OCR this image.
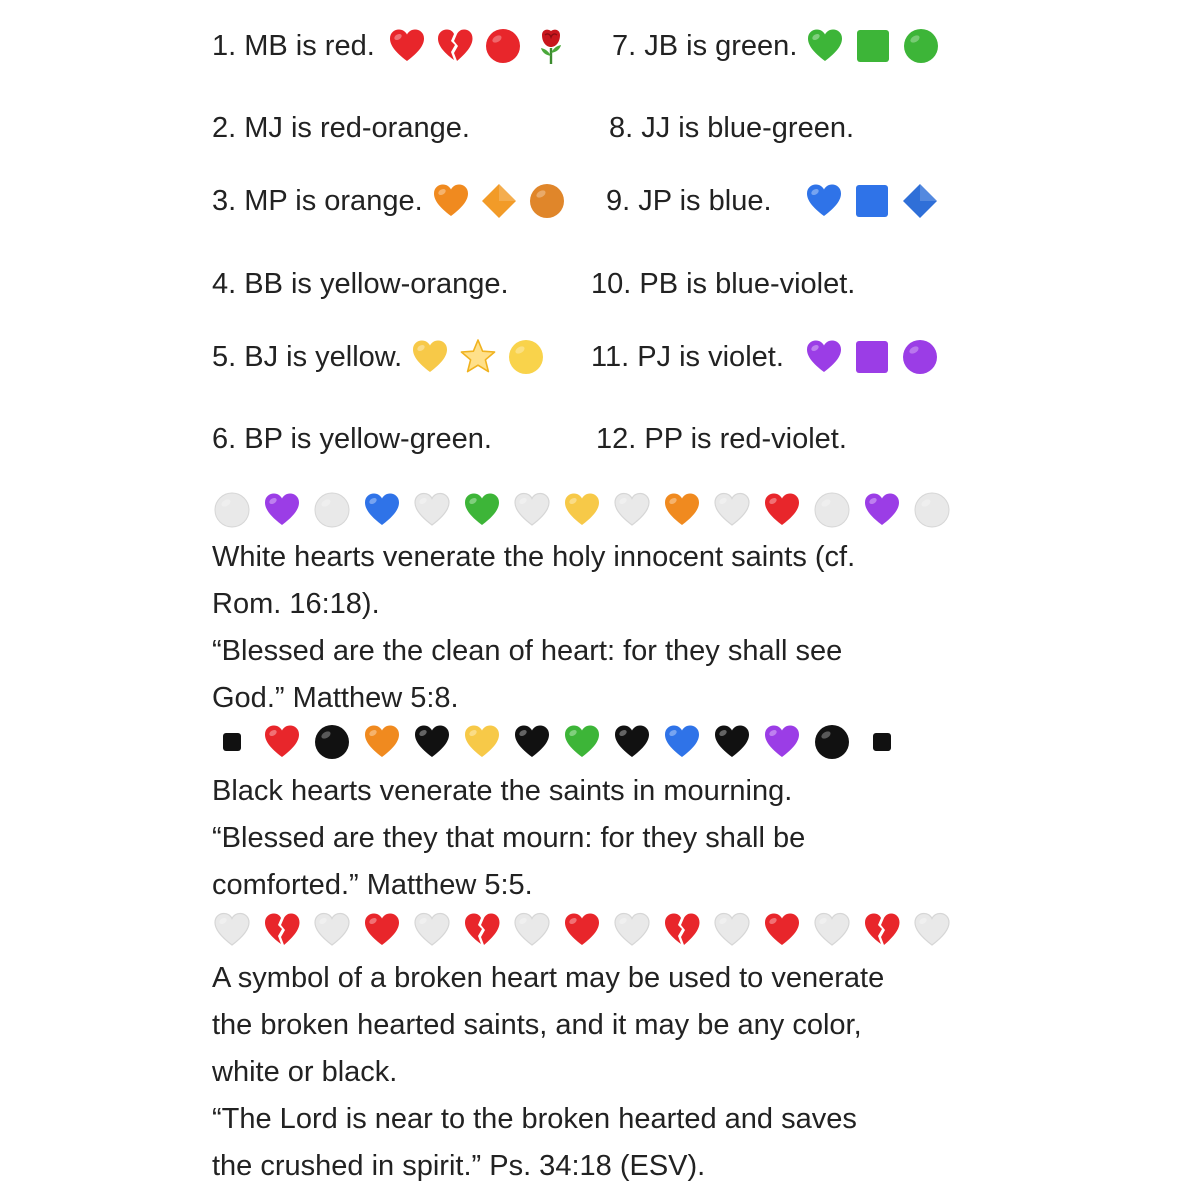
1. MB is red.
2. MJ is red-orange.
3. MP is orange.
4. BB is yellow-orange.
5. BJ is yellow.
6. BP is yellow-green.
7. JB is green.
8. JJ is blue-green.
9. JP is blue.
10. PB is blue-violet.
11. PJ is violet.
12. PP is red-violet.
White hearts venerate the holy innocent saints (cf.
Rom. 16:18).
“Blessed are the clean of heart: for they shall see
God.” Matthew 5:8.
Black hearts venerate the saints in mourning.
“Blessed are they that mourn: for they shall be
comforted.” Matthew 5:5.
A symbol of a broken heart may be used to venerate
the broken hearted saints, and it may be any color,
white or black.
“The Lord is near to the broken hearted and saves
the crushed in spirit.” Ps. 34:18 (ESV).
